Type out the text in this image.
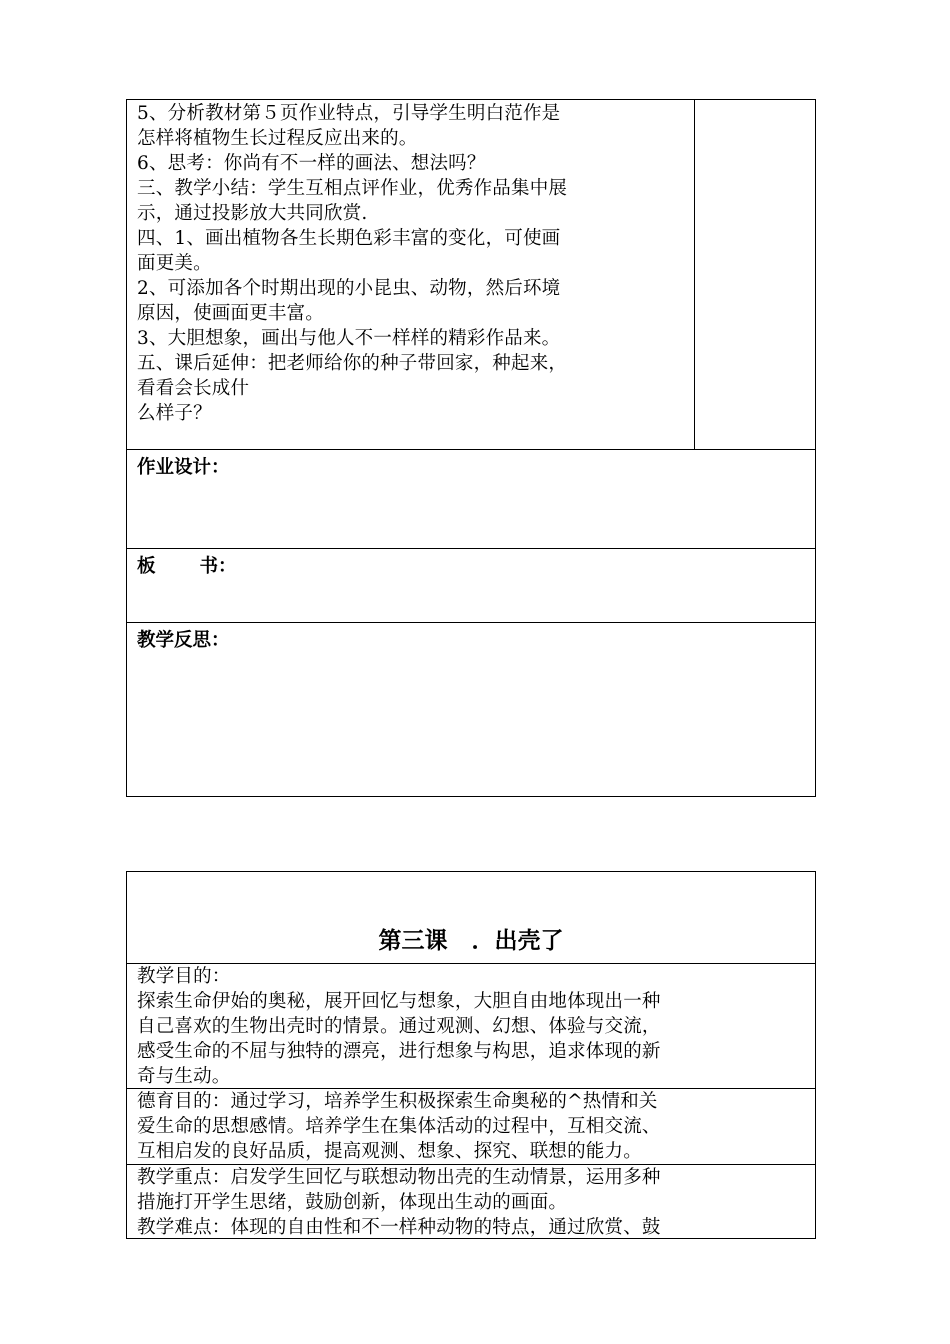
5、分析教材第５页作业特点，引导学生明白范作是
怎样将植物生长过程反应出来的。
6、思考：你尚有不一样的画法、想法吗？
三、教学小结：学生互相点评作业，优秀作品集中展
示，通过投影放大共同欣赏.
四、1、画出植物各生长期色彩丰富的变化，可使画
面更美。
2、可添加各个时期出现的小昆虫、动物，然后环境
原因，使画面更丰富。
3、大胆想象，画出与他人不一样样的精彩作品来。
五、课后延伸：把老师给你的种子带回家，种起来，
看看会长成什
么样子？
作业设计：
板 书：
教学反思：
第三课 ．出壳了
教学目的：
探索生命伊始的奥秘，展开回忆与想象，大胆自由地体现出一种
自己喜欢的生物出壳时的情景。通过观测、幻想、体验与交流，
感受生命的不屈与独特的漂亮，进行想象与构思，追求体现的新
奇与生动。
德育目的：通过学习，培养学生积极探索生命奥秘的^热情和关
爱生命的思想感情。培养学生在集体活动的过程中，互相交流、
互相启发的良好品质，提高观测、想象、探究、联想的能力。
教学重点：启发学生回忆与联想动物出壳的生动情景，运用多种
措施打开学生思绪，鼓励创新，体现出生动的画面。
教学难点：体现的自由性和不一样种动物的特点，通过欣赏、鼓
